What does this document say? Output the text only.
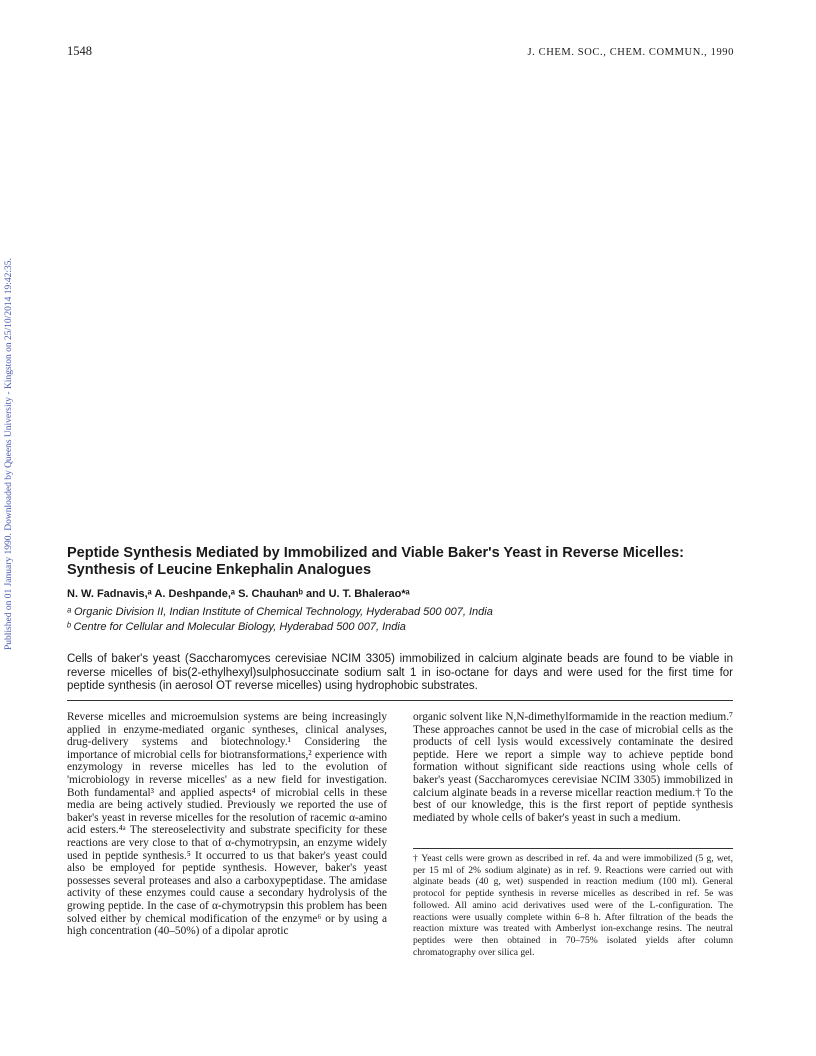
1548	J. CHEM. SOC., CHEM. COMMUN., 1990
Published on 01 January 1990. Downloaded by Queens University - Kingston on 25/10/2014 19:42:35.	Peptide Synthesis Mediated by Immobilized and Viable Baker's Yeast in Reverse Micelles: Synthesis of Leucine Enkephalin Analogues
N. W. Fadnavis,ᵃ A. Deshpande,ᵃ S. Chauhanᵇ and U. T. Bhalerao*ᵃ
ᵃ Organic Division II, Indian Institute of Chemical Technology, Hyderabad 500 007, India
ᵇ Centre for Cellular and Molecular Biology, Hyderabad 500 007, India
Cells of baker's yeast (Saccharomyces cerevisiae NCIM 3305) immobilized in calcium alginate beads are found to be viable in reverse micelles of bis(2-ethylhexyl)sulphosuccinate sodium salt 1 in iso-octane for days and were used for the first time for peptide synthesis (in aerosol OT reverse micelles) using hydrophobic substrates.
Reverse micelles and microemulsion systems are being increasingly applied in enzyme-mediated organic syntheses, clinical analyses, drug-delivery systems and biotechnology.¹ Considering the importance of microbial cells for biotransformations,² experience with enzymology in reverse micelles has led to the evolution of 'microbiology in reverse micelles' as a new field for investigation. Both fundamental³ and applied aspects⁴ of microbial cells in these media are being actively studied. Previously we reported the use of baker's yeast in reverse micelles for the resolution of racemic α-amino acid esters.⁴ᵃ The stereoselectivity and substrate specificity for these reactions are very close to that of α-chymotrypsin, an enzyme widely used in peptide synthesis.⁵ It occurred to us that baker's yeast could also be employed for peptide synthesis. However, baker's yeast possesses several proteases and also a carboxypeptidase. The amidase activity of these enzymes could cause a secondary hydrolysis of the growing peptide. In the case of α-chymotrypsin this problem has been solved either by chemical modification of the enzyme⁶ or by using a high concentration (40–50%) of a dipolar aprotic
organic solvent like N,N-dimethylformamide in the reaction medium.⁷ These approaches cannot be used in the case of microbial cells as the products of cell lysis would excessively contaminate the desired peptide. Here we report a simple way to achieve peptide bond formation without significant side reactions using whole cells of baker's yeast (Saccharomyces cerevisiae NCIM 3305) immobilized in calcium alginate beads in a reverse micellar reaction medium.† To the best of our knowledge, this is the first report of peptide synthesis mediated by whole cells of baker's yeast in such a medium.
† Yeast cells were grown as described in ref. 4a and were immobilized (5 g, wet, per 15 ml of 2% sodium alginate) as in ref. 9. Reactions were carried out with alginate beads (40 g, wet) suspended in reaction medium (100 ml). General protocol for peptide synthesis in reverse micelles as described in ref. 5e was followed. All amino acid derivatives used were of the L-configuration. The reactions were usually complete within 6–8 h. After filtration of the beads the reaction mixture was treated with Amberlyst ion-exchange resins. The neutral peptides were then obtained in 70–75% isolated yields after column chromatography over silica gel.
